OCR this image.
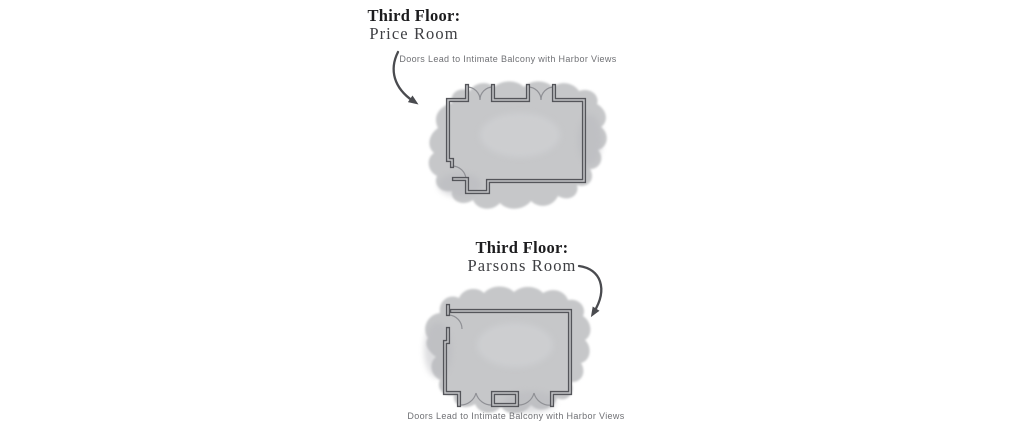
Third Floor:
Price Room
Doors Lead to Intimate Balcony with Harbor Views
Third Floor:
Parsons Room
Doors Lead to Intimate Balcony with Harbor Views
